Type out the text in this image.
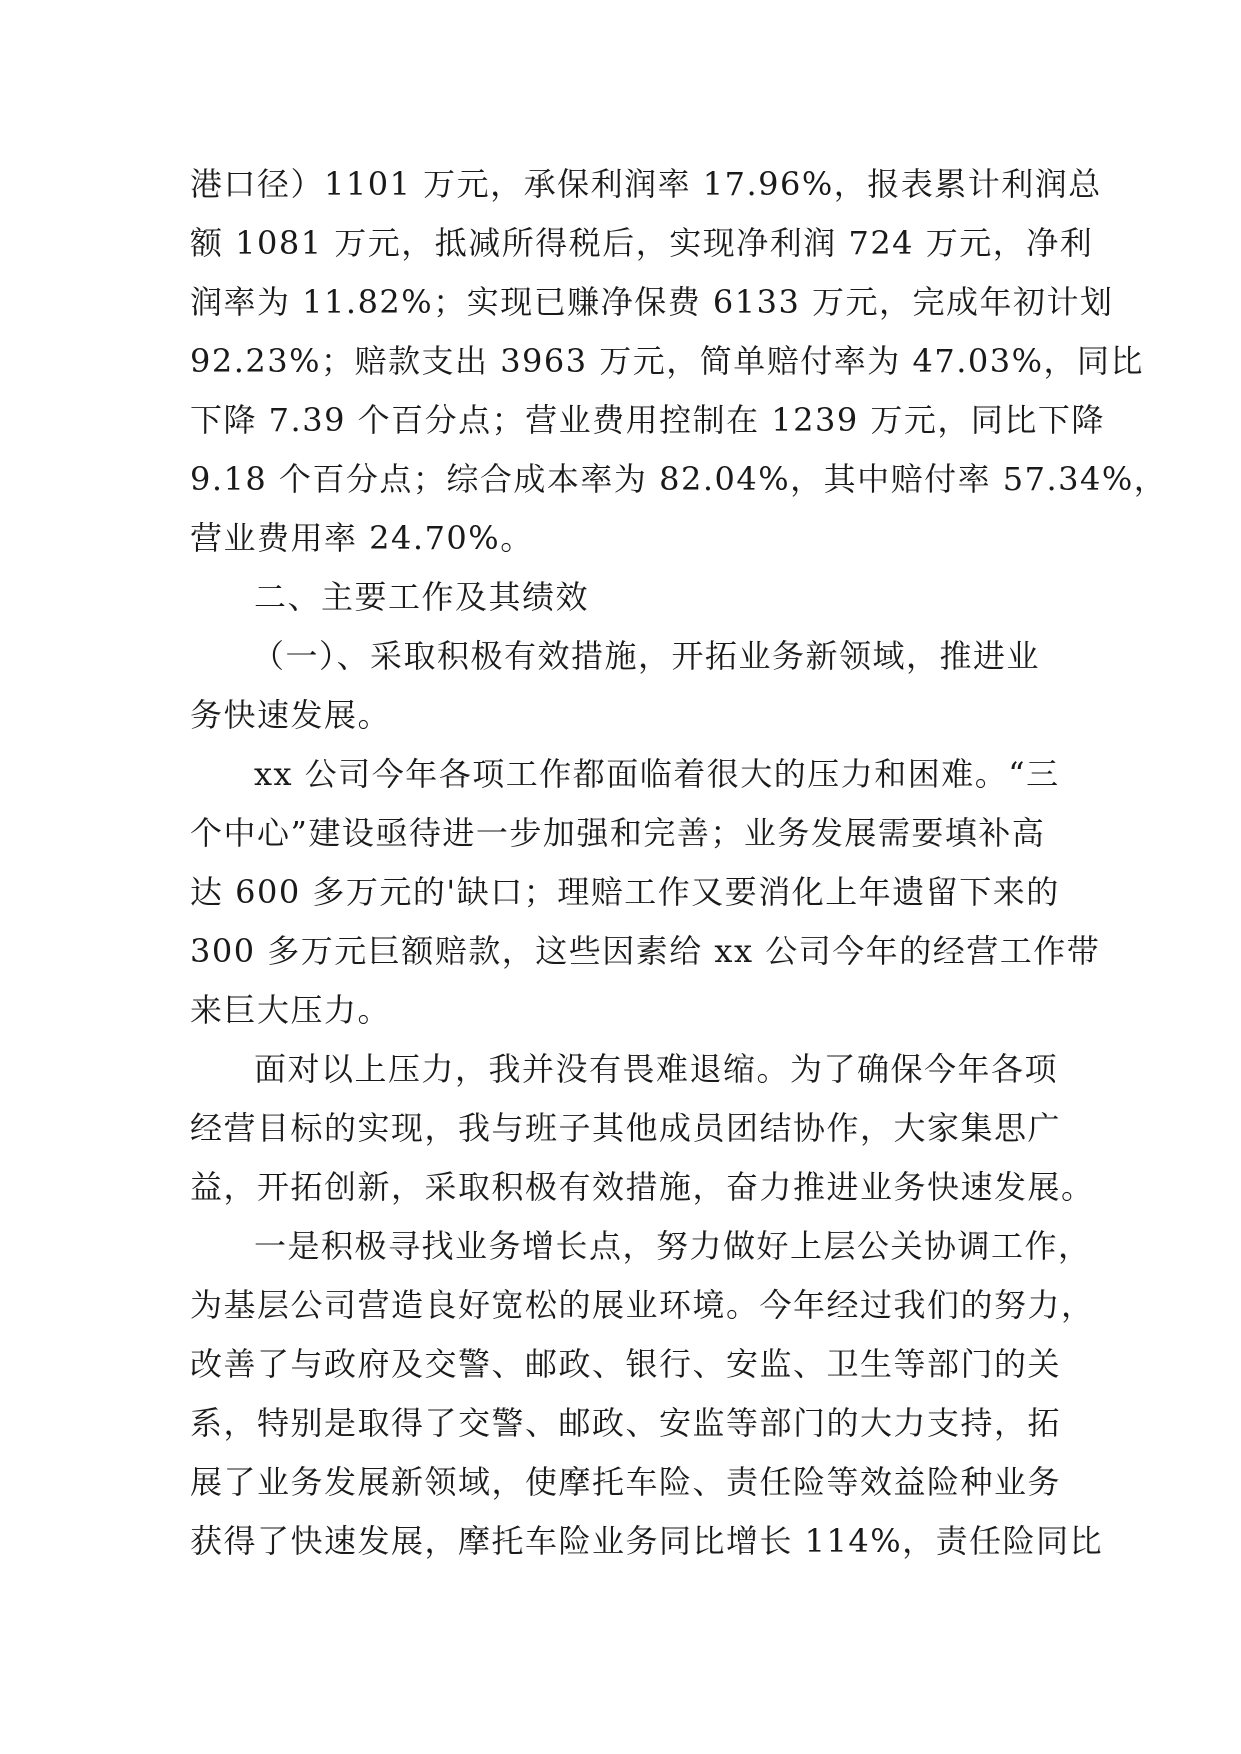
港口径）1101 万元，承保利润率 17.96%，报表累计利润总
额 1081 万元，抵减所得税后，实现净利润 724 万元，净利
润率为 11.82%；实现已赚净保费 6133 万元，完成年初计划
92.23%；赔款支出 3963 万元，简单赔付率为 47.03%，同比
下降 7.39 个百分点；营业费用控制在 1239 万元，同比下降
9.18 个百分点；综合成本率为 82.04%，其中赔付率 57.34%，
营业费用率 24.70%。
二、主要工作及其绩效
（一）、采取积极有效措施，开拓业务新领域，推进业
务快速发展。
xx 公司今年各项工作都面临着很大的压力和困难。“三
个中心”建设亟待进一步加强和完善；业务发展需要填补高
达 600 多万元的'缺口；理赔工作又要消化上年遗留下来的
300 多万元巨额赔款，这些因素给 xx 公司今年的经营工作带
来巨大压力。
面对以上压力，我并没有畏难退缩。为了确保今年各项
经营目标的实现，我与班子其他成员团结协作，大家集思广
益，开拓创新，采取积极有效措施，奋力推进业务快速发展。
一是积极寻找业务增长点，努力做好上层公关协调工作，
为基层公司营造良好宽松的展业环境。今年经过我们的努力，
改善了与政府及交警、邮政、银行、安监、卫生等部门的关
系，特别是取得了交警、邮政、安监等部门的大力支持，拓
展了业务发展新领域，使摩托车险、责任险等效益险种业务
获得了快速发展，摩托车险业务同比增长 114%，责任险同比
